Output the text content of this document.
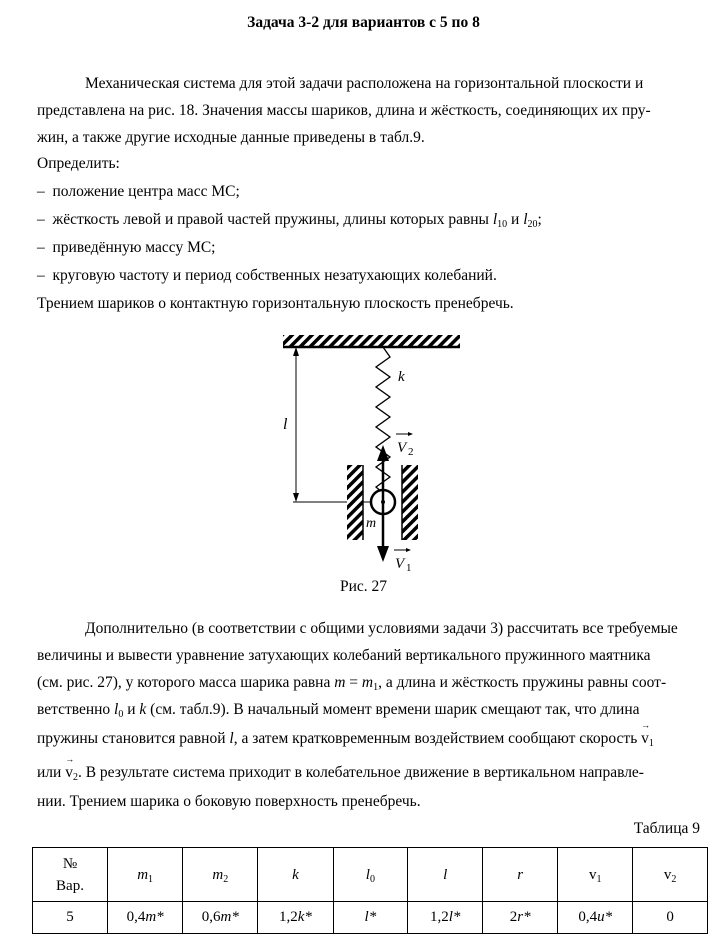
Задача 3-2 для вариантов с 5 по 8
Механическая система для этой задачи расположена на горизонтальной плоскости и
представлена на рис. 18. Значения массы шариков, длина и жёсткость, соединяющих их пру-
жин, а также другие исходные данные приведены в табл.9.
Определить:
– положение центра масс МС;
– жёсткость левой и правой частей пружины, длины которых равны $l_{10}$ и $l_{20}$;
– приведённую массу МС;
– круговую частоту и период собственных незатухающих колебаний.
Трением шариков о контактную горизонтальную плоскость пренебречь.
k
l
m
V 2
V 1
Рис. 27
Дополнительно (в соответствии с общими условиями задачи 3) рассчитать все требуемые
величины и вывести уравнение затухающих колебаний вертикального пружинного маятника
(см. рис. 27), у которого масса шарика равна $m = m_1$, а длина и жёсткость пружины равны соот-
ветственно $l_0$ и k (см. табл.9). В начальный момент времени шарик смещают так, что длина
пружины становится равной l, а затем кратковременным воздействием сообщают скорость → $v_1$
или → $v_2$. В результате система приходит в колебательное движение в вертикальном направле-
нии. Трением шарика о боковую поверхность пренебречь.
Таблица 9
№
Вар.	$m_1$	$m_2$	k	$l_0$	l	r	$v_1$	$v_2$
5	0,4m*	0,6m*	1,2k*	l*	1,2l*	2r*	0,4u*	0
